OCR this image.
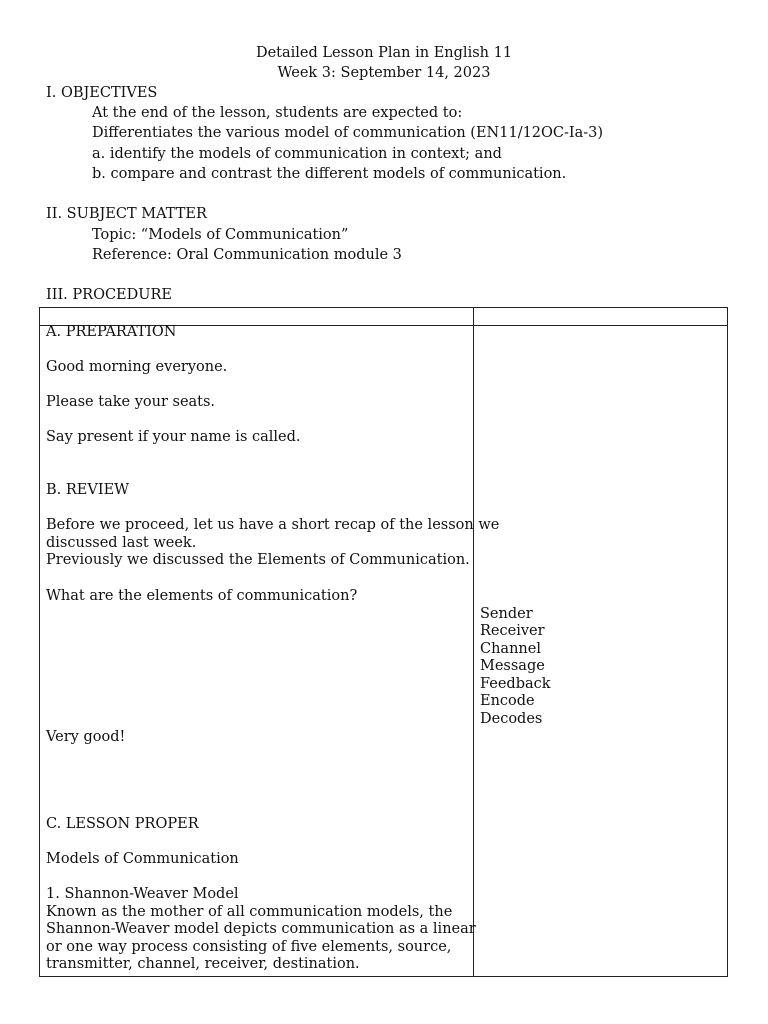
Detailed Lesson Plan in English 11
Week 3: September 14, 2023
I. OBJECTIVES
At the end of the lesson, students are expected to:
Differentiates the various model of communication (EN11/12OC-Ia-3)
a. identify the models of communication in context; and
b. compare and contrast the different models of communication.
II. SUBJECT MATTER
Topic: “Models of Communication”
Reference: Oral Communication module 3
III. PROCEDURE
A. PREPARATION
Good morning everyone.
Please take your seats.
Say present if your name is called.
B. REVIEW
Before we proceed, let us have a short recap of the lesson we
discussed last week.
Previously we discussed the Elements of Communication.
What are the elements of communication?
Very good!
C. LESSON PROPER
Models of Communication
1. Shannon-Weaver Model
Known as the mother of all communication models, the
Shannon-Weaver model depicts communication as a linear
or one way process consisting of five elements, source,
transmitter, channel, receiver, destination.
Sender
Receiver
Channel
Message
Feedback
Encode
Decodes
